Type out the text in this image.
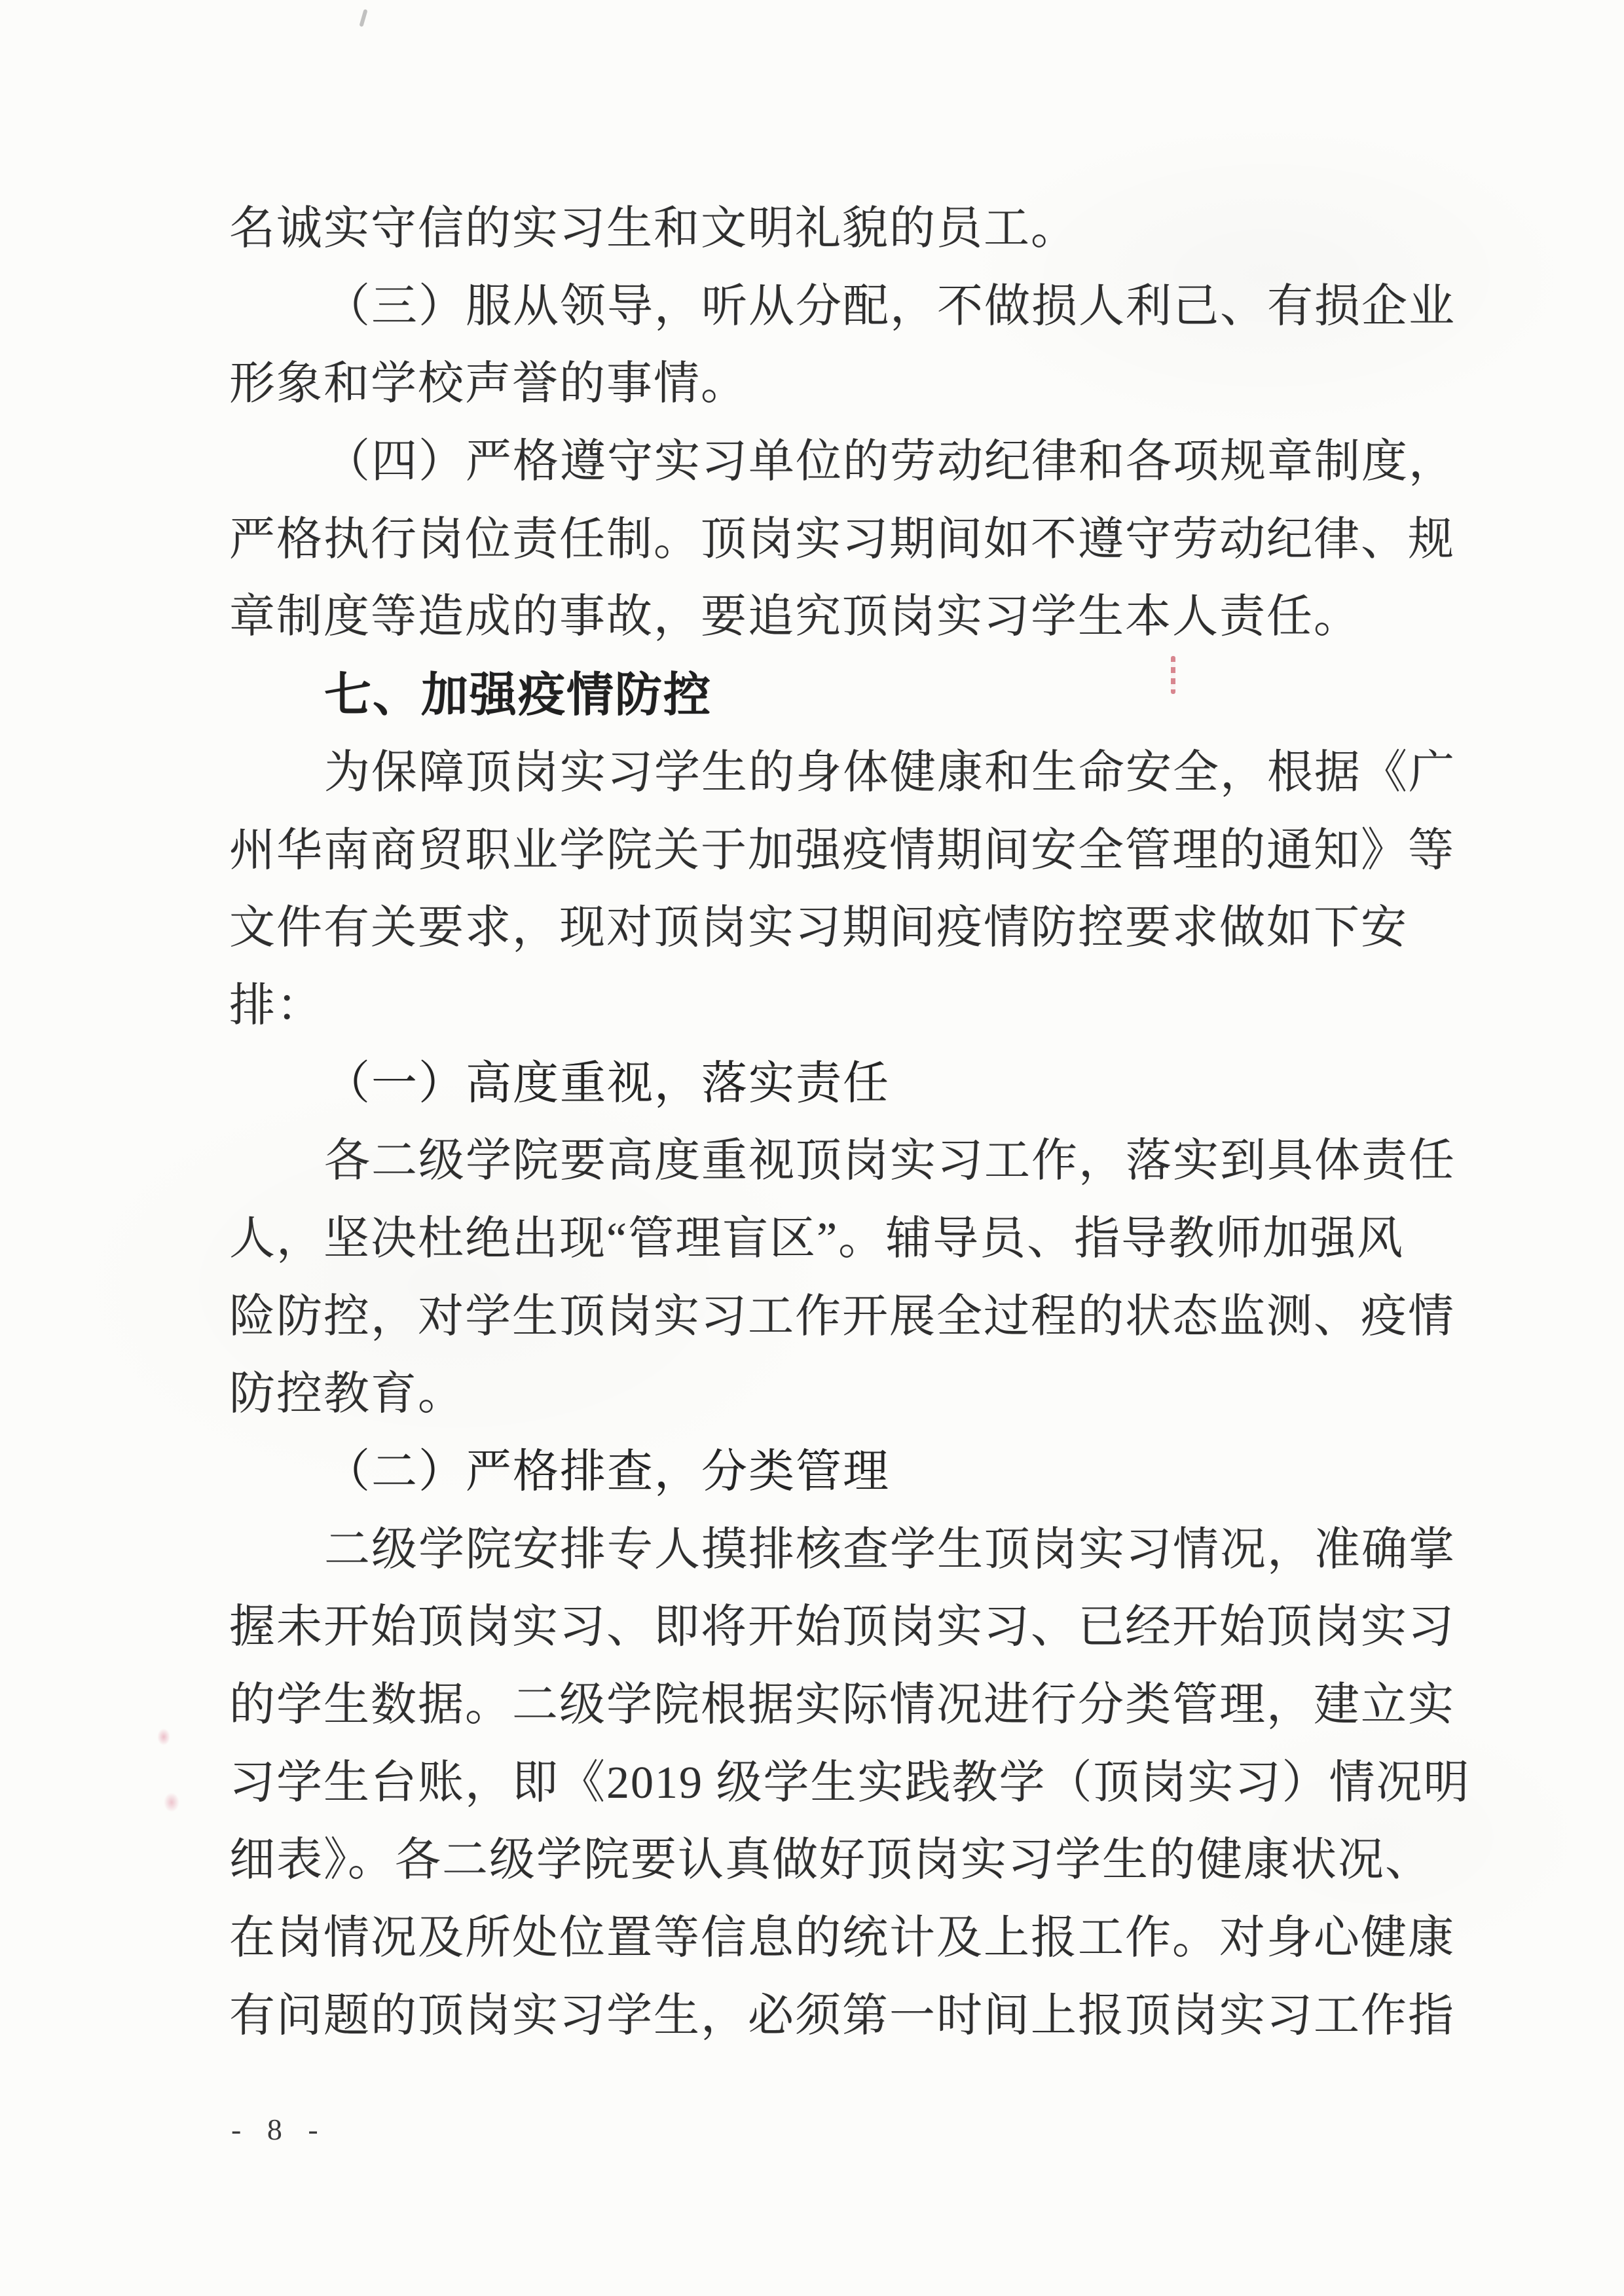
名诚实守信的实习生和文明礼貌的员工。
（三）服从领导，听从分配，不做损人利己、有损企业
形象和学校声誉的事情。
（四）严格遵守实习单位的劳动纪律和各项规章制度，
严格执行岗位责任制。顶岗实习期间如不遵守劳动纪律、规
章制度等造成的事故，要追究顶岗实习学生本人责任。
七、加强疫情防控
为保障顶岗实习学生的身体健康和生命安全，根据《广
州华南商贸职业学院关于加强疫情期间安全管理的通知》等
文件有关要求，现对顶岗实习期间疫情防控要求做如下安
排：
（一）高度重视，落实责任
各二级学院要高度重视顶岗实习工作，落实到具体责任
人，坚决杜绝出现“管理盲区”。辅导员、指导教师加强风
险防控，对学生顶岗实习工作开展全过程的状态监测、疫情
防控教育。
（二）严格排查，分类管理
二级学院安排专人摸排核查学生顶岗实习情况，准确掌
握未开始顶岗实习、即将开始顶岗实习、已经开始顶岗实习
的学生数据。二级学院根据实际情况进行分类管理，建立实
习学生台账，即《2019 级学生实践教学（顶岗实习）情况明
细表》。各二级学院要认真做好顶岗实习学生的健康状况、
在岗情况及所处位置等信息的统计及上报工作。对身心健康
有问题的顶岗实习学生，必须第一时间上报顶岗实习工作指
- 8 -
